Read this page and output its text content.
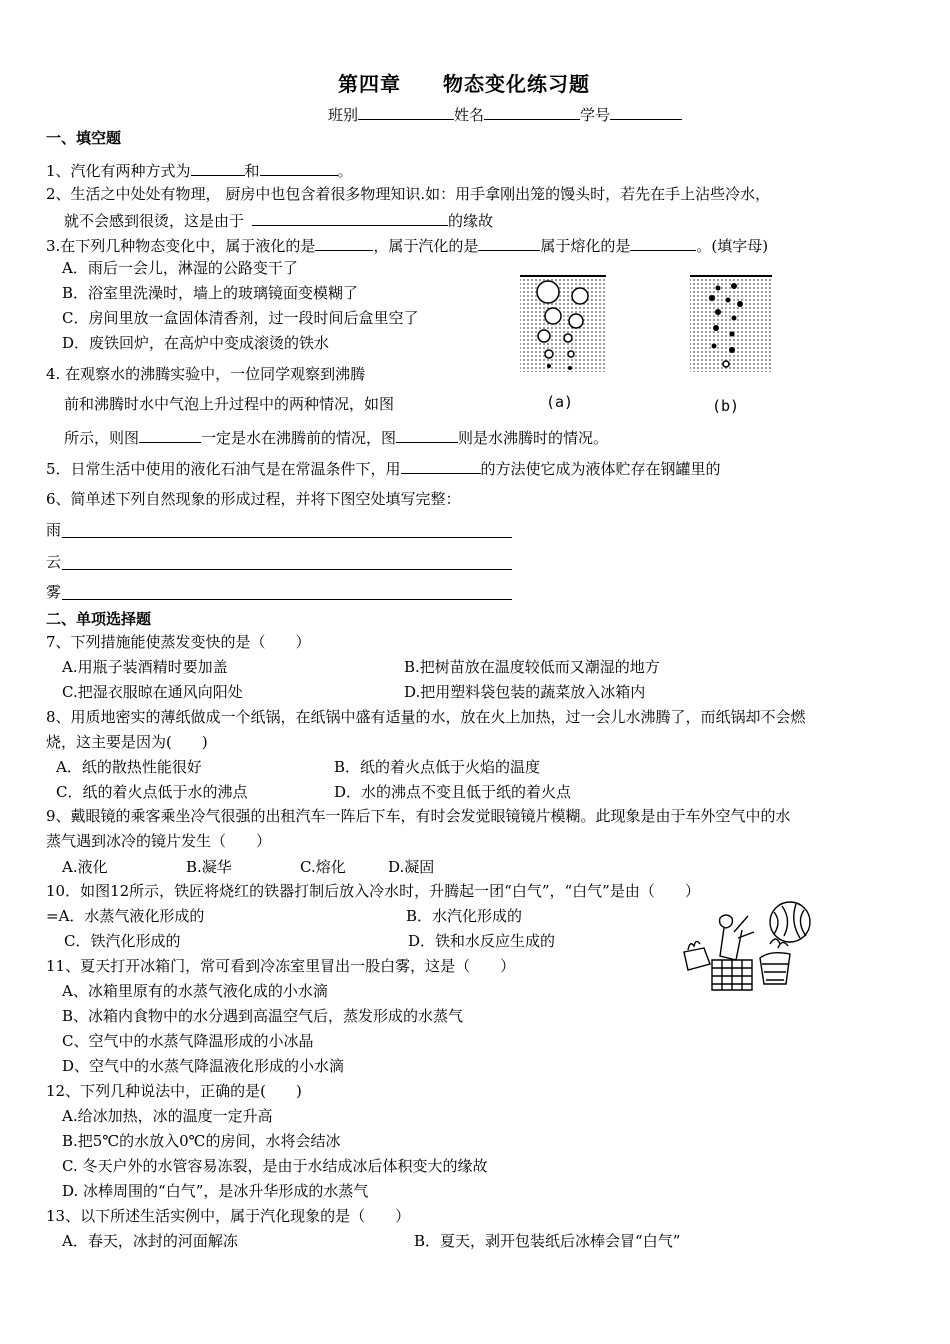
第四章　　物态变化练习题
班别	姓名	学号
一、填空题
1、汽化有两种方式为	和	。
2、生活之中处处有物理， 厨房中也包含着很多物理知识.如：用手拿刚出笼的馒头时，若先在手上沾些冷水，
就不会感到很烫，这是由于	的缘故
3.在下列几种物态变化中，属于液化的是	，属于汽化的是	属于熔化的是	。(填字母)
A．雨后一会儿，淋湿的公路变干了
B．浴室里洗澡时，墙上的玻璃镜面变模糊了
C．房间里放一盒固体清香剂，过一段时间后盒里空了
D．废铁回炉，在高炉中变成滚烫的铁水
(a)	(b)
4. 在观察水的沸腾实验中，一位同学观察到沸腾
前和沸腾时水中气泡上升过程中的两种情况，如图
所示，则图	一定是水在沸腾前的情况，图	则是水沸腾时的情况。
5．日常生活中使用的液化石油气是在常温条件下，用	的方法使它成为液体贮存在钢罐里的
6、简单述下列自然现象的形成过程，并将下图空处填写完整：
雨
云
雾
二、单项选择题
7、下列措施能使蒸发变快的是（　　）
A.用瓶子装酒精时要加盖	B.把树苗放在温度较低而又潮湿的地方
C.把湿衣服晾在通风向阳处	D.把用塑料袋包装的蔬菜放入冰箱内
8、用质地密实的薄纸做成一个纸锅，在纸锅中盛有适量的水，放在火上加热，过一会儿水沸腾了，而纸锅却不会燃
烧，这主要是因为(　　)
A．纸的散热性能很好	B．纸的着火点低于火焰的温度
C．纸的着火点低于水的沸点	D．水的沸点不变且低于纸的着火点
9、戴眼镜的乘客乘坐冷气很强的出租汽车一阵后下车，有时会发觉眼镜镜片模糊。此现象是由于车外空气中的水
蒸气遇到冰冷的镜片发生（　　）
A.液化	B.凝华	C.熔化	D.凝固
10．如图12所示，铁匠将烧红的铁器打制后放入冷水时，升腾起一团“白气”，“白气”是由（　　）
=A．水蒸气液化形成的	B．水汽化形成的
C．铁汽化形成的	D．铁和水反应生成的
11、夏天打开冰箱门，常可看到冷冻室里冒出一股白雾，这是（　　）
A、冰箱里原有的水蒸气液化成的小水滴
B、冰箱内食物中的水分遇到高温空气后，蒸发形成的水蒸气
C、空气中的水蒸气降温形成的小冰晶
D、空气中的水蒸气降温液化形成的小水滴
12、下列几种说法中，正确的是(　　)
A.给冰加热，冰的温度一定升高
B.把5℃的水放入0℃的房间，水将会结冰
C. 冬天户外的水管容易冻裂，是由于水结成冰后体积变大的缘故
D. 冰棒周围的“白气”，是冰升华形成的水蒸气
13、以下所述生活实例中，属于汽化现象的是（　　）
A．春天，冰封的河面解冻	B．夏天，剥开包装纸后冰棒会冒“白气”
